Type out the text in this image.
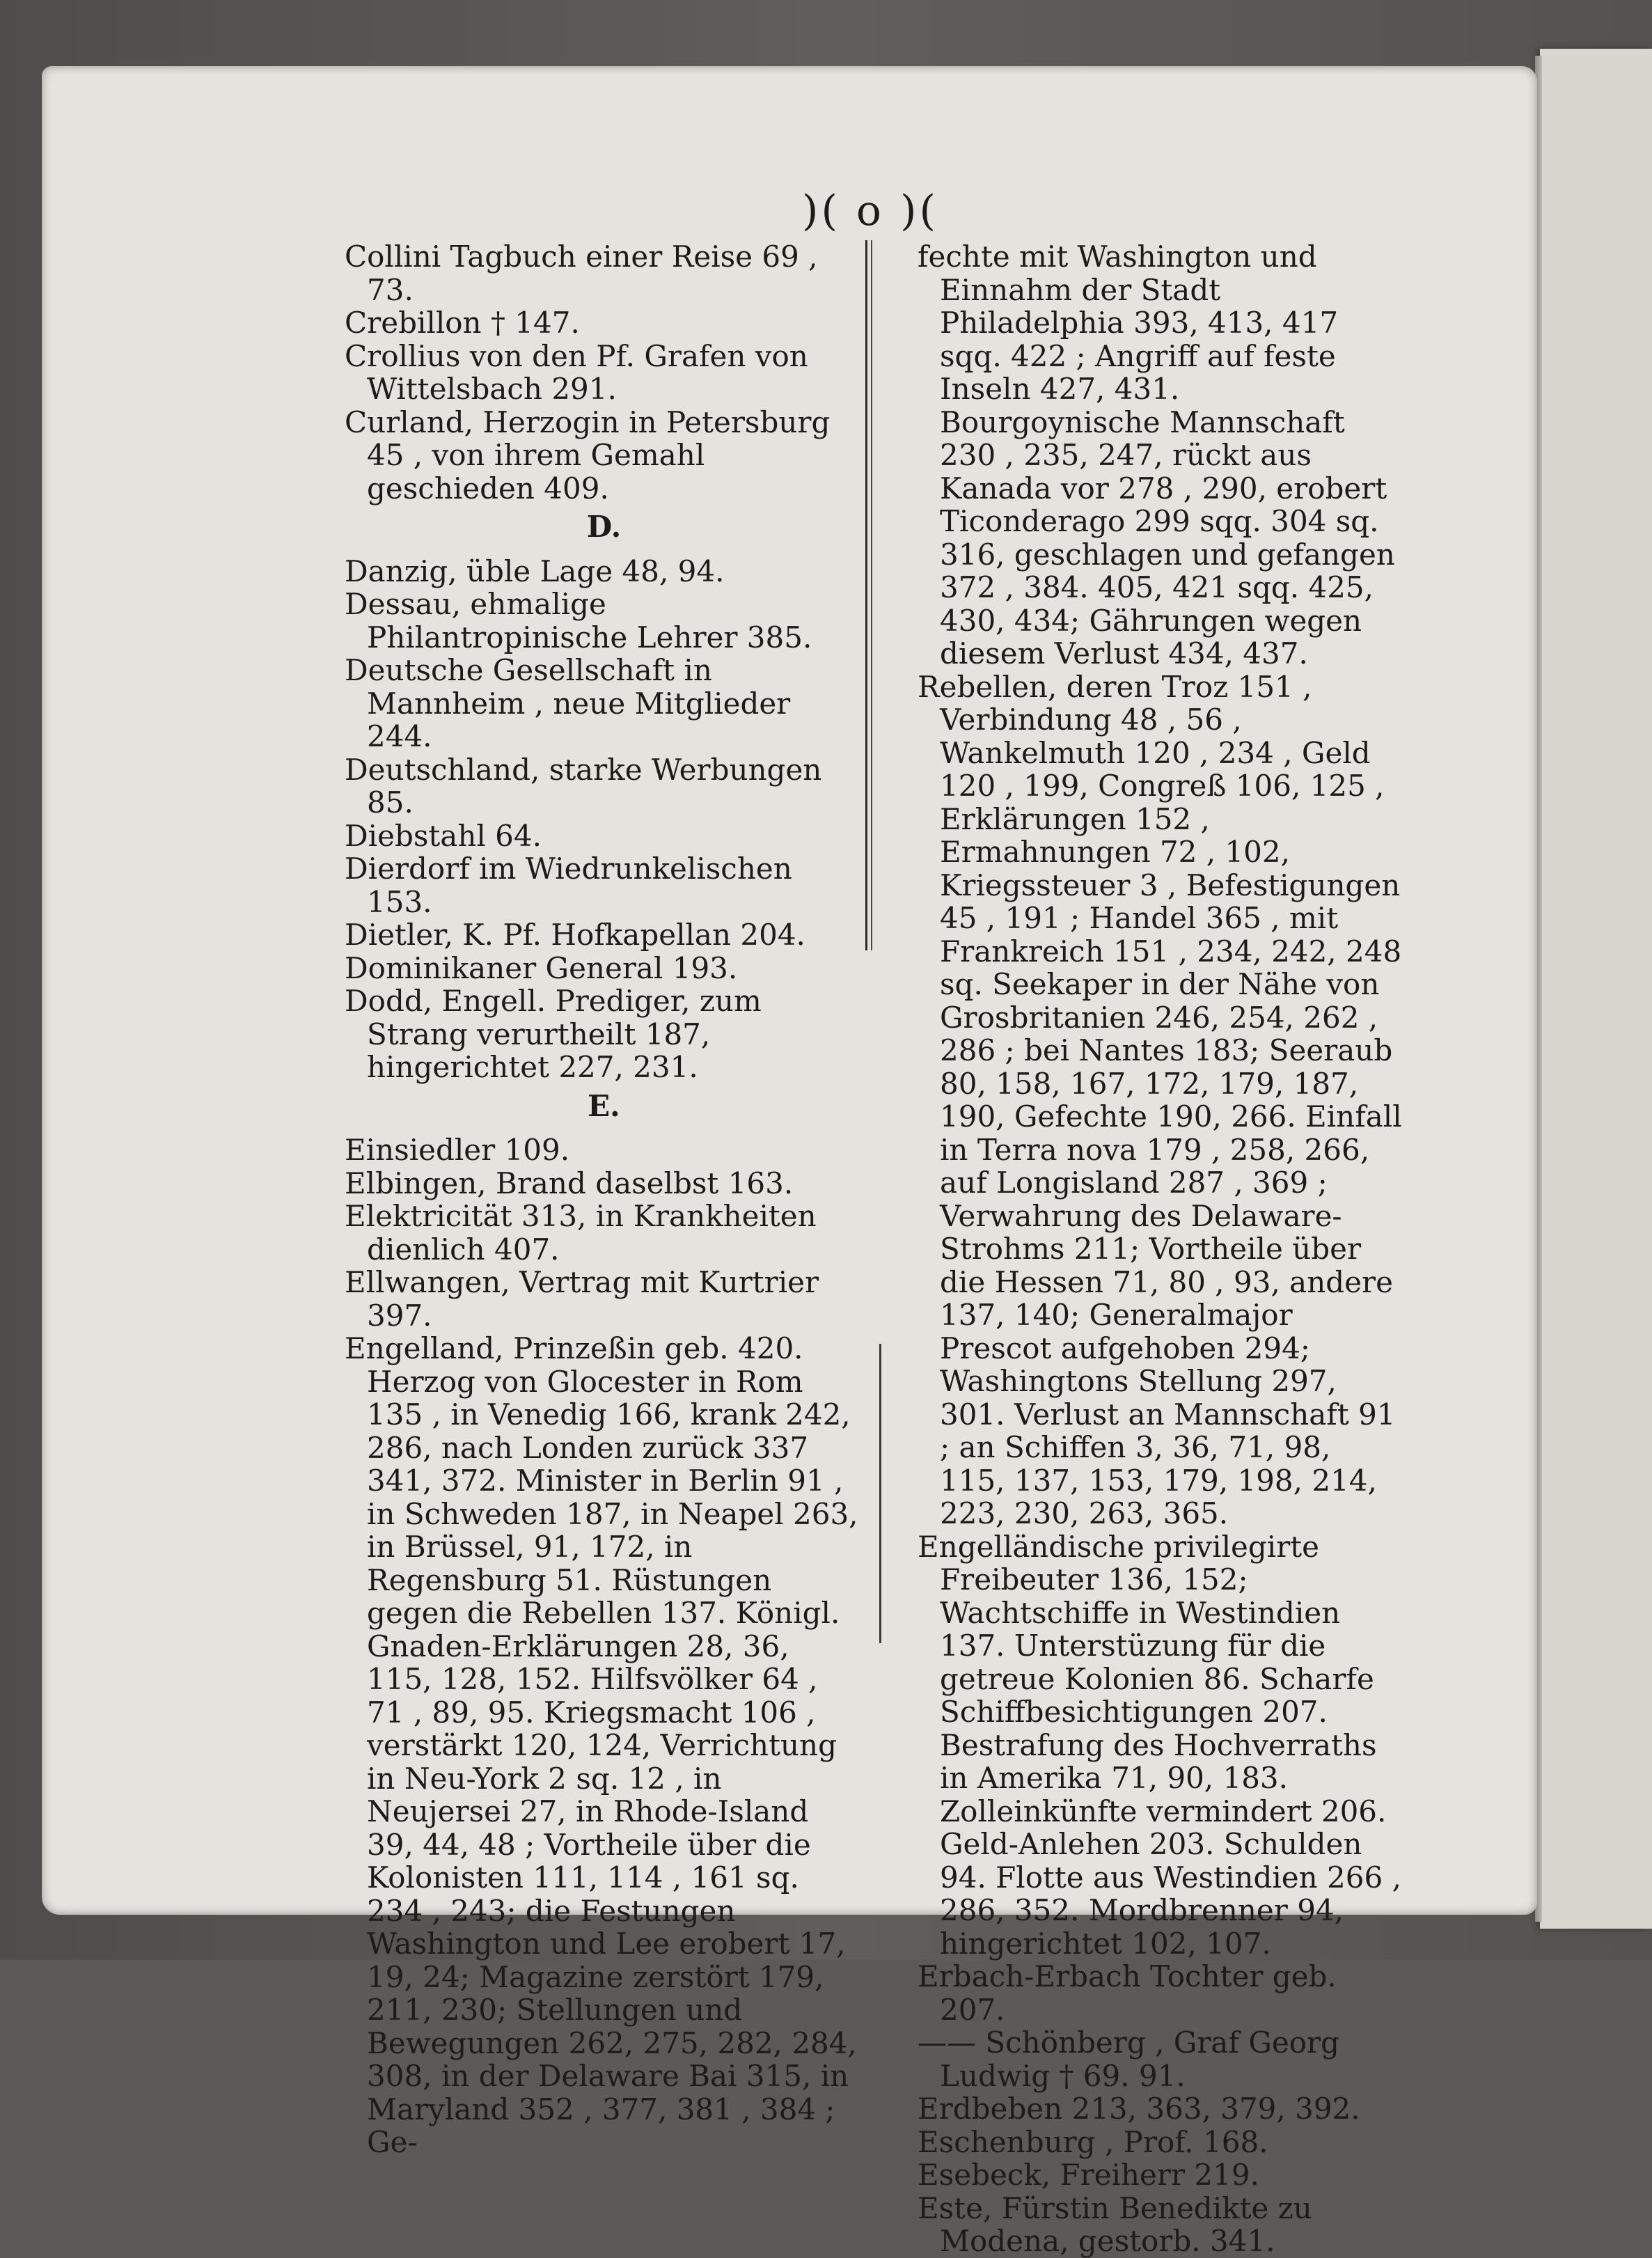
)( o )(

Collini Tagbuch einer Reise 69 , 73.

Crebillon † 147.

Crollius von den Pf. Grafen von Wittelsbach 291.

Curland, Herzogin in Petersburg 45 , von ihrem Gemahl geschieden 409.

D.

Danzig, üble Lage 48, 94.

Dessau, ehmalige Philantropinische Lehrer 385.

Deutsche Gesellschaft in Mannheim , neue Mitglieder 244.

Deutschland, starke Werbungen 85.

Diebstahl 64.

Dierdorf im Wiedrunkelischen 153.

Dietler, K. Pf. Hofkapellan 204.

Dominikaner General 193.

Dodd, Engell. Prediger, zum Strang verurtheilt 187, hingerichtet 227, 231.

E.

Einsiedler 109.

Elbingen, Brand daselbst 163.

Elektricität 313, in Krankheiten dienlich 407.

Ellwangen, Vertrag mit Kurtrier 397.

Engelland, Prinzeßin geb. 420. Herzog von Glocester in Rom 135 , in Venedig 166, krank 242, 286, nach Londen zurück 337 341, 372. Minister in Berlin 91 , in Schweden 187, in Neapel 263, in Brüssel, 91, 172, in Regensburg 51. Rüstungen gegen die Rebellen 137. Königl. Gnaden-Erklärungen 28, 36, 115, 128, 152. Hilfsvölker 64 , 71 , 89, 95. Kriegsmacht 106 , verstärkt 120, 124, Verrichtung in Neu-York 2 sq. 12 , in Neujersei 27, in Rhode-Island 39, 44, 48 ; Vortheile über die Kolonisten 111, 114 , 161 sq. 234 , 243; die Festungen Washington und Lee erobert 17, 19, 24; Magazine zerstört 179, 211, 230; Stellungen und Bewegungen 262, 275, 282, 284, 308, in der Delaware Bai 315, in Maryland 352 , 377, 381 , 384 ; Ge-

fechte mit Washington und Einnahm der Stadt Philadelphia 393, 413, 417 sqq. 422 ; Angriff auf feste Inseln 427, 431. Bourgoynische Mannschaft 230 , 235, 247, rückt aus Kanada vor 278 , 290, erobert Ticonderago 299 sqq. 304 sq. 316, geschlagen und gefangen 372 , 384. 405, 421 sqq. 425, 430, 434; Gährungen wegen diesem Verlust 434, 437.

Rebellen, deren Troz 151 , Verbindung 48 , 56 , Wankelmuth 120 , 234 , Geld 120 , 199, Congreß 106, 125 , Erklärungen 152 , Ermahnungen 72 , 102, Kriegssteuer 3 , Befestigungen 45 , 191 ; Handel 365 , mit Frankreich 151 , 234, 242, 248 sq. Seekaper in der Nähe von Grosbritanien 246, 254, 262 , 286 ; bei Nantes 183; Seeraub 80, 158, 167, 172, 179, 187, 190, Gefechte 190, 266. Einfall in Terra nova 179 , 258, 266, auf Longisland 287 , 369 ; Verwahrung des Delaware-Strohms 211; Vortheile über die Hessen 71, 80 , 93, andere 137, 140; Generalmajor Prescot aufgehoben 294; Washingtons Stellung 297, 301. Verlust an Mannschaft 91 ; an Schiffen 3, 36, 71, 98, 115, 137, 153, 179, 198, 214, 223, 230, 263, 365.

Engelländische privilegirte Freibeuter 136, 152; Wachtschiffe in Westindien 137. Unterstüzung für die getreue Kolonien 86. Scharfe Schiffbesichtigungen 207. Bestrafung des Hochverraths in Amerika 71, 90, 183. Zolleinkünfte vermindert 206. Geld-Anlehen 203. Schulden 94. Flotte aus Westindien 266 , 286, 352. Mordbrenner 94, hingerichtet 102, 107.

Erbach-Erbach Tochter geb. 207.

—— Schönberg , Graf Georg Ludwig † 69. 91.

Erdbeben 213, 363, 379, 392.

Eschenburg , Prof. 168.

Esebeck, Freiherr 219.

Este, Fürstin Benedikte zu Modena, gestorb. 341.
